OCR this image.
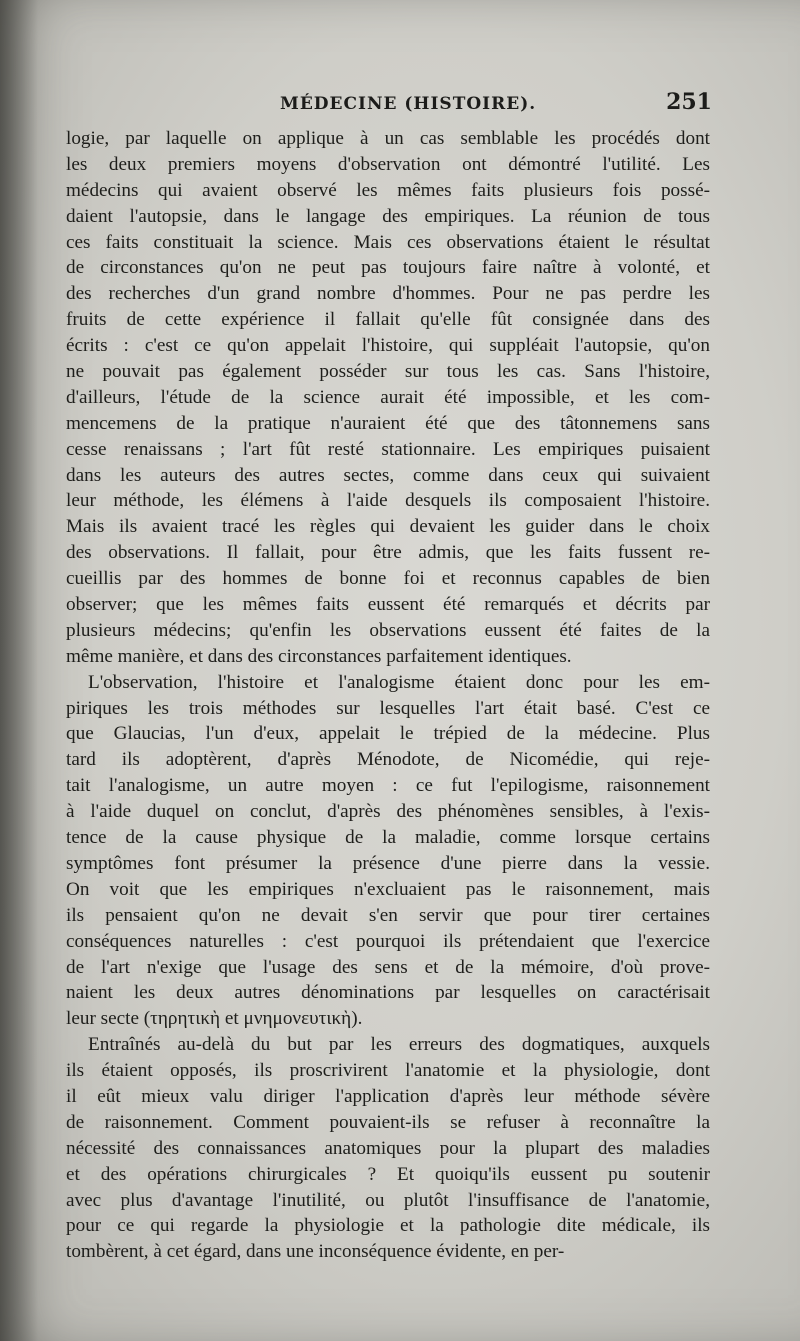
MÉDECINE (HISTOIRE).	251
logie, par laquelle on applique à un cas semblable les procédés dont
les deux premiers moyens d'observation ont démontré l'utilité. Les
médecins qui avaient observé les mêmes faits plusieurs fois possé-
daient l'autopsie, dans le langage des empiriques. La réunion de tous
ces faits constituait la science. Mais ces observations étaient le résultat
de circonstances qu'on ne peut pas toujours faire naître à volonté, et
des recherches d'un grand nombre d'hommes. Pour ne pas perdre les
fruits de cette expérience il fallait qu'elle fût consignée dans des
écrits : c'est ce qu'on appelait l'histoire, qui suppléait l'autopsie, qu'on
ne pouvait pas également posséder sur tous les cas. Sans l'histoire,
d'ailleurs, l'étude de la science aurait été impossible, et les com-
mencemens de la pratique n'auraient été que des tâtonnemens sans
cesse renaissans ; l'art fût resté stationnaire. Les empiriques puisaient
dans les auteurs des autres sectes, comme dans ceux qui suivaient
leur méthode, les élémens à l'aide desquels ils composaient l'histoire.
Mais ils avaient tracé les règles qui devaient les guider dans le choix
des observations. Il fallait, pour être admis, que les faits fussent re-
cueillis par des hommes de bonne foi et reconnus capables de bien
observer; que les mêmes faits eussent été remarqués et décrits par
plusieurs médecins; qu'enfin les observations eussent été faites de la
même manière, et dans des circonstances parfaitement identiques.
L'observation, l'histoire et l'analogisme étaient donc pour les em-
piriques les trois méthodes sur lesquelles l'art était basé. C'est ce
que Glaucias, l'un d'eux, appelait le trépied de la médecine. Plus
tard ils adoptèrent, d'après Ménodote, de Nicomédie, qui reje-
tait l'analogisme, un autre moyen : ce fut l'epilogisme, raisonnement
à l'aide duquel on conclut, d'après des phénomènes sensibles, à l'exis-
tence de la cause physique de la maladie, comme lorsque certains
symptômes font présumer la présence d'une pierre dans la vessie.
On voit que les empiriques n'excluaient pas le raisonnement, mais
ils pensaient qu'on ne devait s'en servir que pour tirer certaines
conséquences naturelles : c'est pourquoi ils prétendaient que l'exercice
de l'art n'exige que l'usage des sens et de la mémoire, d'où prove-
naient les deux autres dénominations par lesquelles on caractérisait
leur secte (τηρητικὴ et μνημονευτικὴ).
Entraînés au-delà du but par les erreurs des dogmatiques, auxquels
ils étaient opposés, ils proscrivirent l'anatomie et la physiologie, dont
il eût mieux valu diriger l'application d'après leur méthode sévère
de raisonnement. Comment pouvaient-ils se refuser à reconnaître la
nécessité des connaissances anatomiques pour la plupart des maladies
et des opérations chirurgicales ? Et quoiqu'ils eussent pu soutenir
avec plus d'avantage l'inutilité, ou plutôt l'insuffisance de l'anatomie,
pour ce qui regarde la physiologie et la pathologie dite médicale, ils
tombèrent, à cet égard, dans une inconséquence évidente, en per-
